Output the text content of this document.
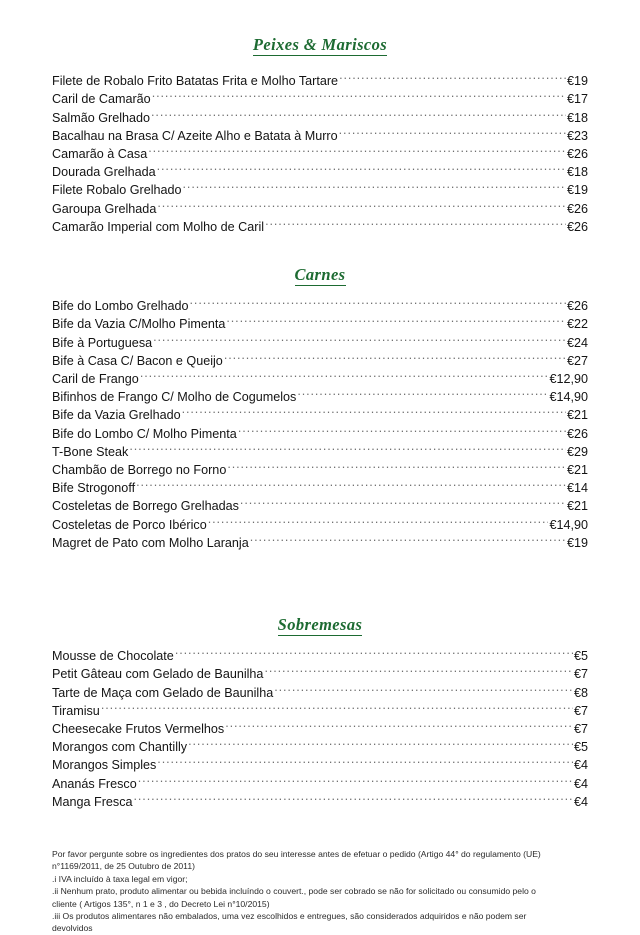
Peixes & Mariscos
Filete de Robalo Frito Batatas Frita e Molho Tartare .....	€19
Caril de Camarão .....	€17
Salmão Grelhado .....	€18
Bacalhau na Brasa C/ Azeite Alho e Batata à Murro .....	€23
Camarão à Casa .....	€26
Dourada Grelhada .....	€18
Filete Robalo Grelhado .....	€19
Garoupa Grelhada .....	€26
Camarão Imperial com Molho de Caril .....	€26
Carnes
Bife do Lombo Grelhado .....	€26
Bife da Vazia C/Molho Pimenta .....	€22
Bife à Portuguesa .....	€24
Bife à Casa C/ Bacon e Queijo .....	€27
Caril de Frango .....	€12,90
Bifinhos de Frango C/ Molho de Cogumelos .....	€14,90
Bife da Vazia Grelhado .....	€21
Bife do Lombo C/ Molho Pimenta .....	€26
T-Bone Steak .....	€29
Chambão de Borrego no Forno .....	€21
Bife Strogonoff .....	€14
Costeletas de Borrego Grelhadas .....	€21
Costeletas de Porco Ibérico .....	€14,90
Magret de Pato com Molho Laranja .....	€19
Sobremesas
Mousse de Chocolate .....	€5
Petit Gâteau com Gelado de Baunilha .....	€7
Tarte de Maça com Gelado de Baunilha .....	€8
Tiramisu .....	€7
Cheesecake Frutos Vermelhos .....	€7
Morangos com Chantilly .....	€5
Morangos Simples .....	€4
Ananás Fresco .....	€4
Manga Fresca .....	€4

Por favor pergunte sobre os ingredientes dos pratos do seu interesse antes de efetuar o pedido (Artigo 44° do regulamento (UE) n°1169/2011, de 25 Outubro de 2011)

.i IVA incluído à taxa legal em vigor;

.ii Nenhum prato, produto alimentar ou bebida incluíndo o couvert., pode ser cobrado se não for solicitado ou consumido pelo o cliente ( Artigos 135°, n 1 e 3 , do Decreto Lei n°10/2015)

.iii Os produtos alimentares não embalados, uma vez escolhidos e entregues, são considerados adquiridos e não podem ser devolvidos
